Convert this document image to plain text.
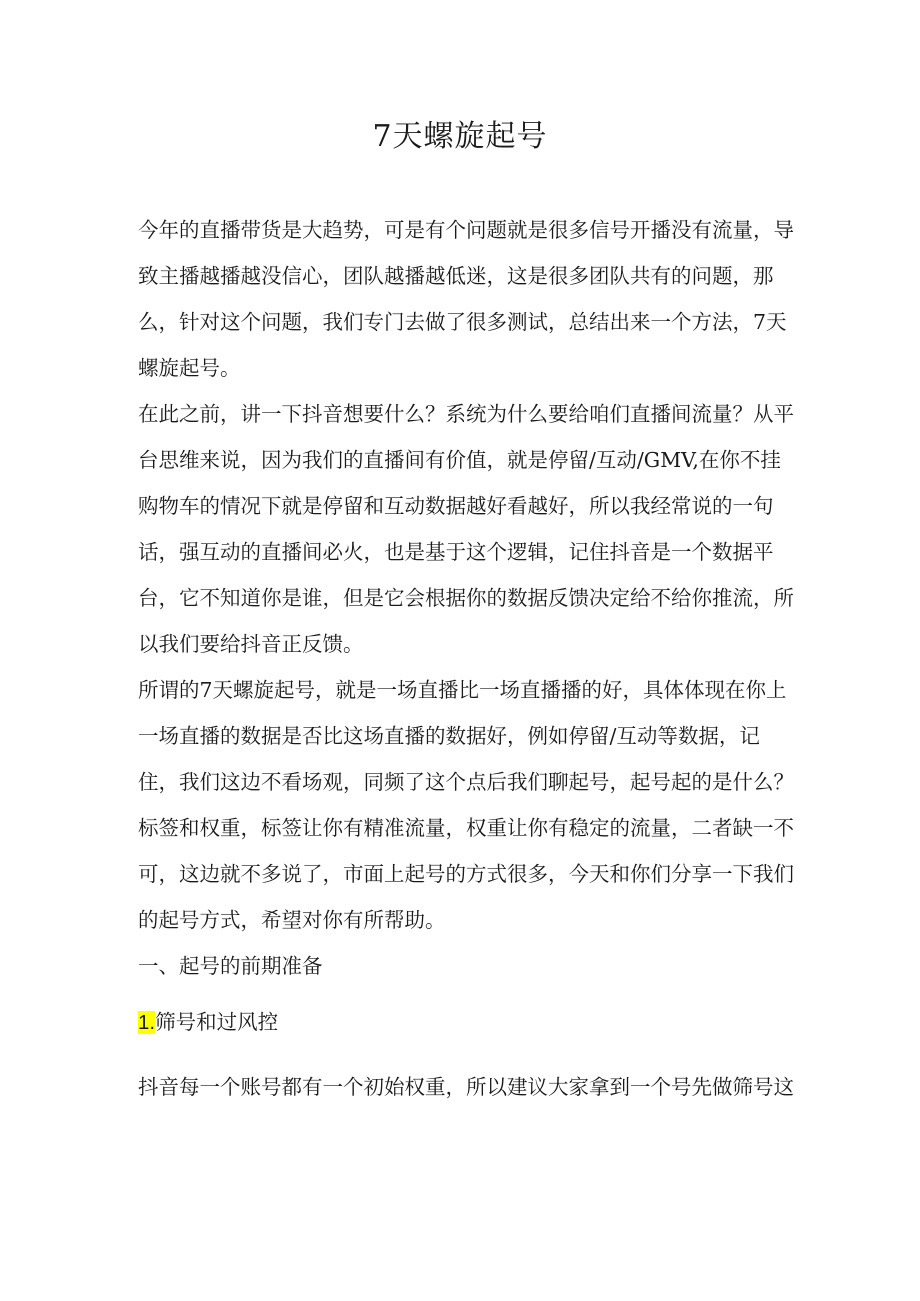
7天螺旋起号

今年的直播带货是大趋势，可是有个问题就是很多信号开播没有流量，导
致主播越播越没信心，团队越播越低迷，这是很多团队共有的问题，那
么，针对这个问题，我们专门去做了很多测试，总结出来一个方法，7天
螺旋起号。

在此之前，讲一下抖音想要什么？系统为什么要给咱们直播间流量？从平
台思维来说，因为我们的直播间有价值，就是停留/互动/GMV,在你不挂
购物车的情况下就是停留和互动数据越好看越好，所以我经常说的一句
话，强互动的直播间必火，也是基于这个逻辑，记住抖音是一个数据平
台，它不知道你是谁，但是它会根据你的数据反馈决定给不给你推流，所
以我们要给抖音正反馈。

所谓的7天螺旋起号，就是一场直播比一场直播播的好，具体体现在你上
一场直播的数据是否比这场直播的数据好，例如停留/互动等数据，记
住，我们这边不看场观，同频了这个点后我们聊起号，起号起的是什么？
标签和权重，标签让你有精准流量，权重让你有稳定的流量，二者缺一不
可，这边就不多说了，市面上起号的方式很多，今天和你们分享一下我们
的起号方式，希望对你有所帮助。

一、起号的前期准备

1.筛号和过风控

抖音每一个账号都有一个初始权重，所以建议大家拿到一个号先做筛号这
